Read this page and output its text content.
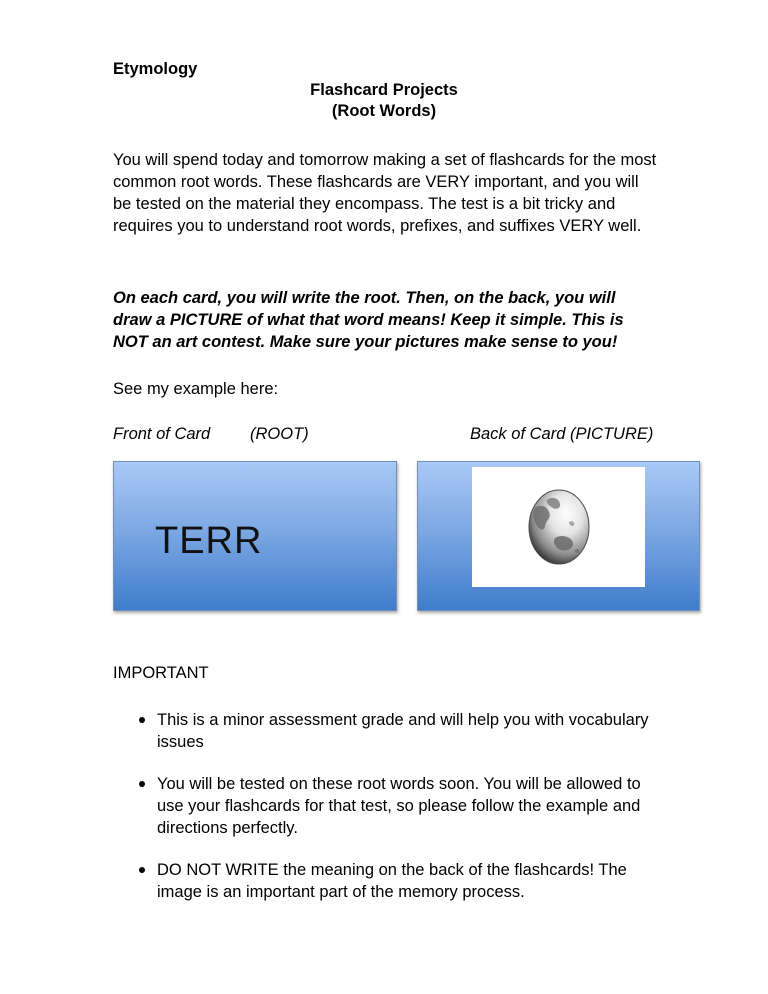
Etymology
Flashcard Projects
(Root Words)
You will spend today and tomorrow making a set of flashcards for the most common root words. These flashcards are VERY important, and you will be tested on the material they encompass. The test is a bit tricky and requires you to understand root words, prefixes, and suffixes VERY well.
On each card, you will write the root. Then, on the back, you will draw a PICTURE of what that word means! Keep it simple. This is NOT an art contest. Make sure your pictures make sense to you!
See my example here:
Front of Card (ROOT)	Back of Card (PICTURE)
TERR
IMPORTANT
This is a minor assessment grade and will help you with vocabulary issues
You will be tested on these root words soon. You will be allowed to use your flashcards for that test, so please follow the example and directions perfectly.
DO NOT WRITE the meaning on the back of the flashcards! The image is an important part of the memory process.
